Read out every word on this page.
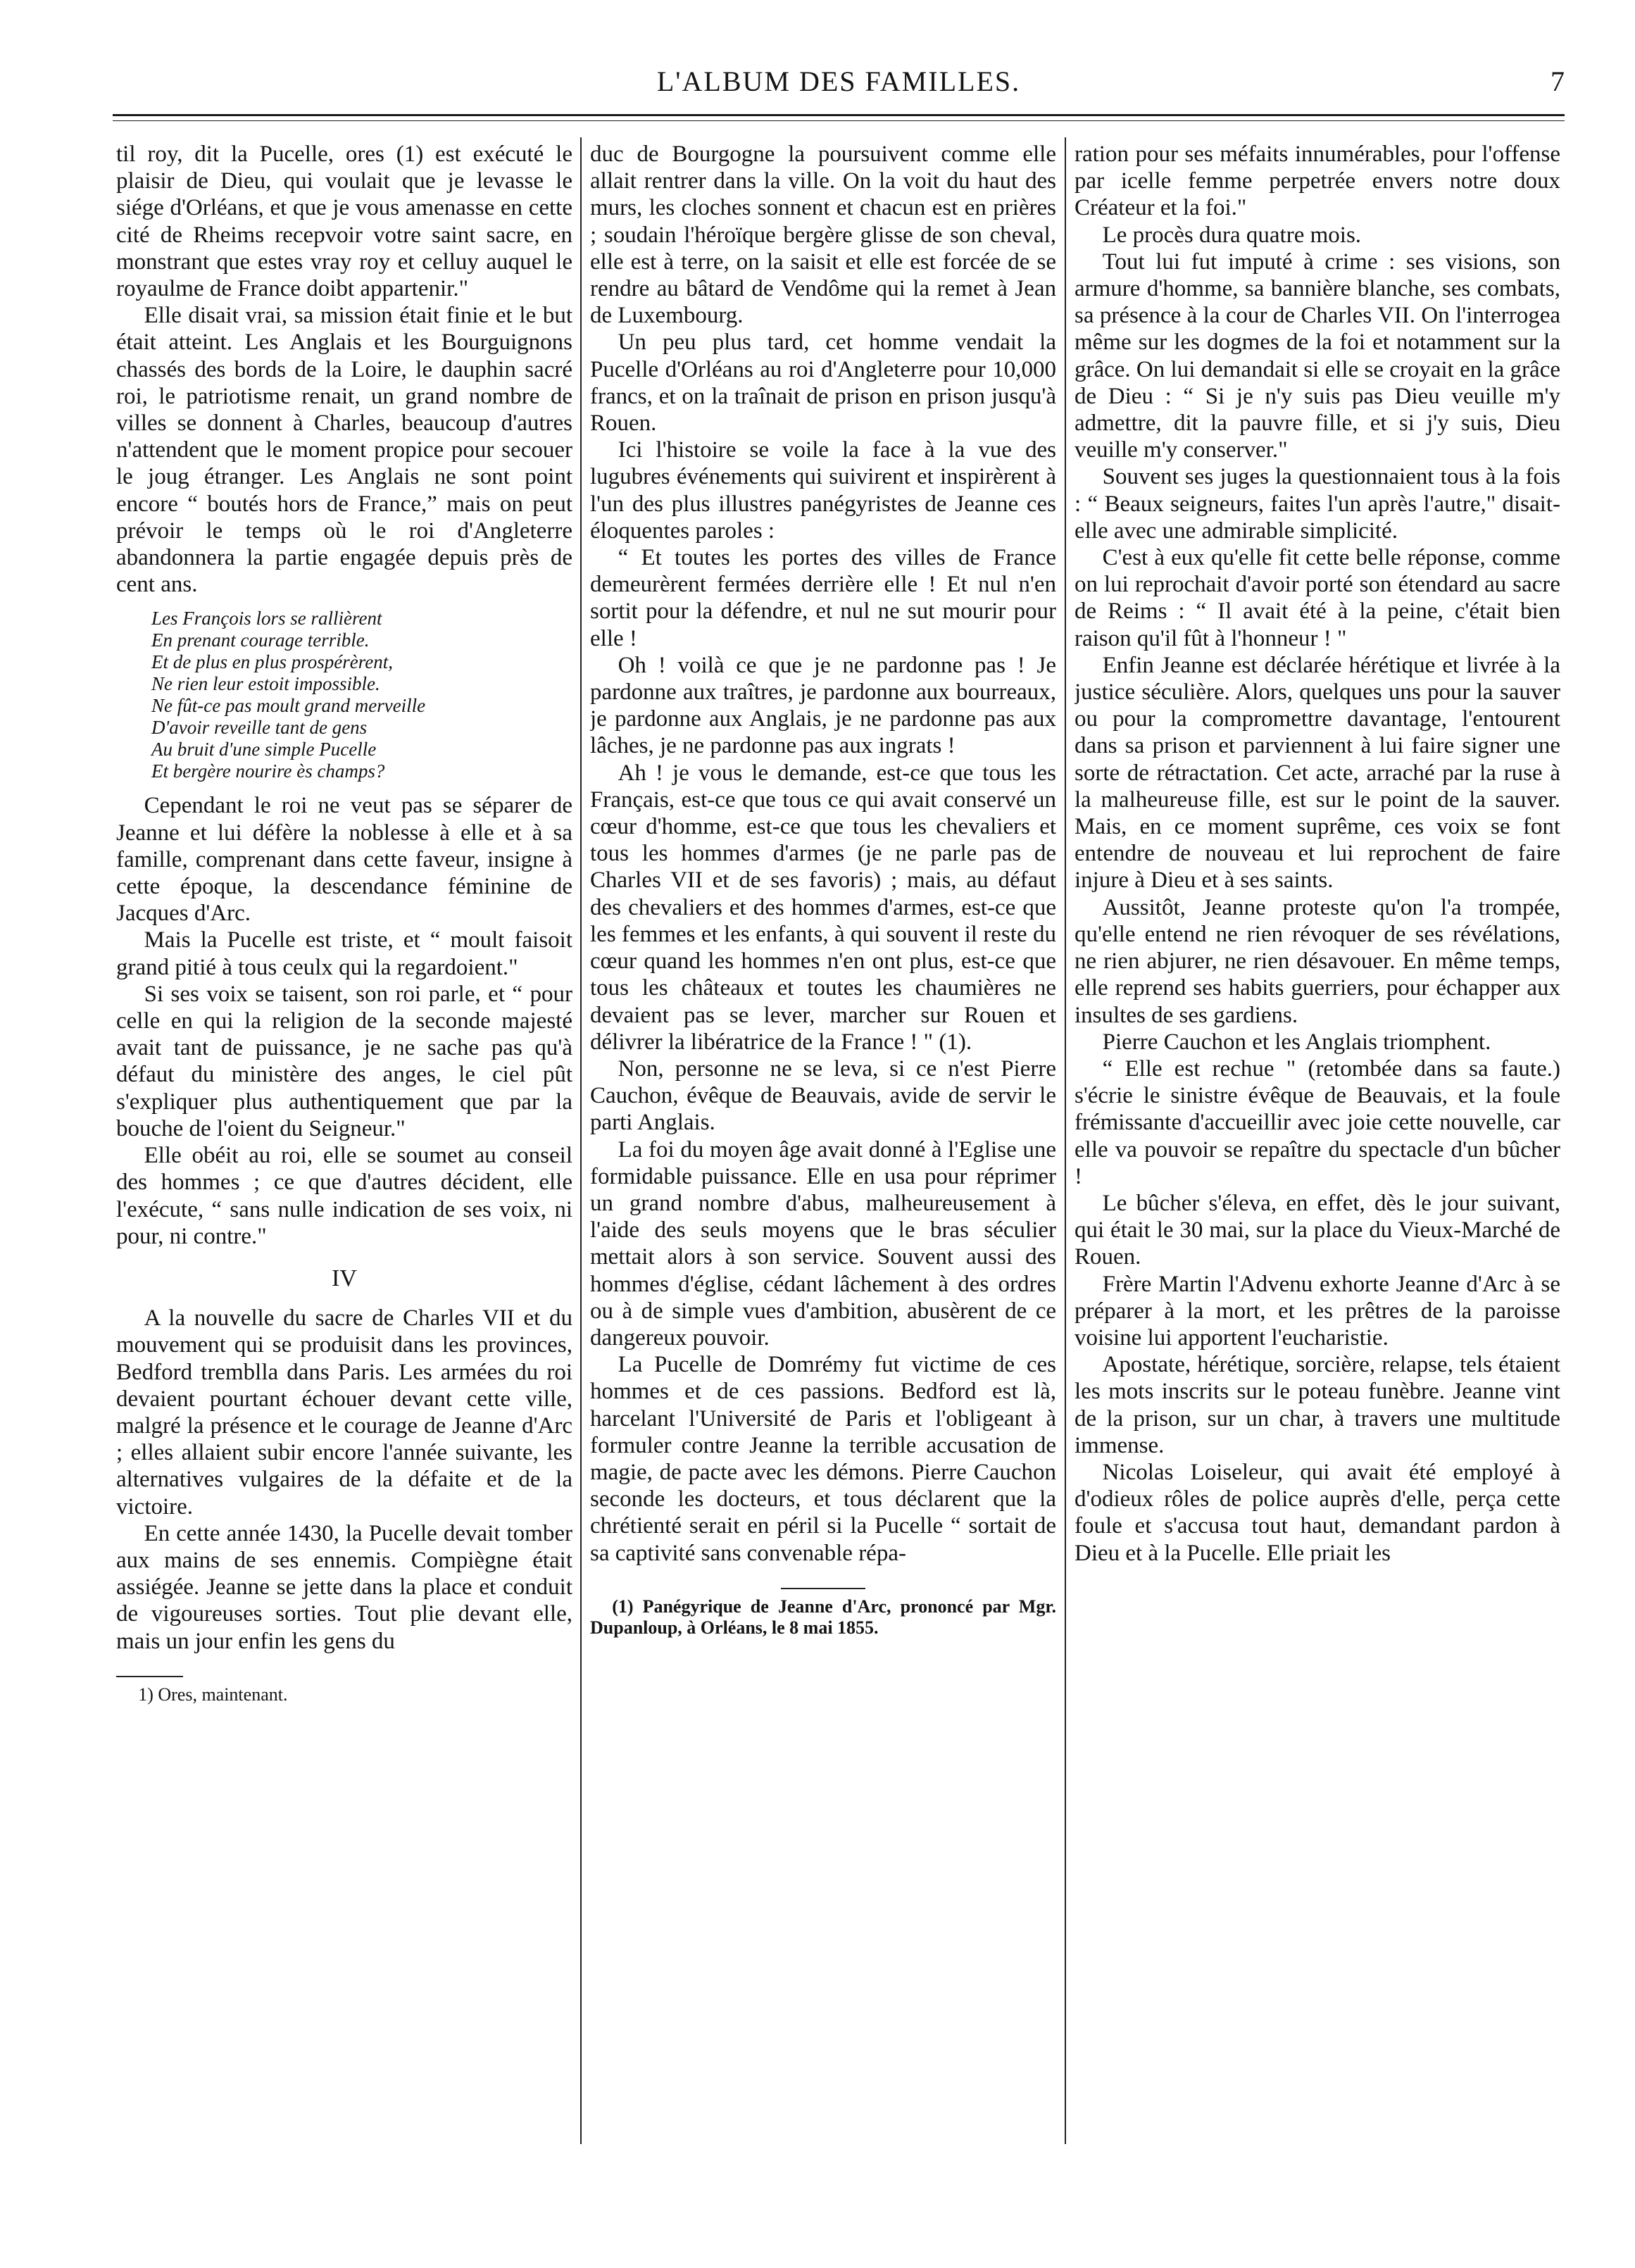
L'ALBUM DES FAMILLES.	7

til roy, dit la Pucelle, ores (1) est exécuté le plaisir de Dieu, qui voulait que je levasse le siége d'Orléans, et que je vous amenasse en cette cité de Rheims recepvoir votre saint sacre, en monstrant que estes vray roy et celluy auquel le royaulme de France doibt appartenir."

Elle disait vrai, sa mission était finie et le but était atteint. Les Anglais et les Bourguignons chassés des bords de la Loire, le dauphin sacré roi, le patriotisme renait, un grand nombre de villes se donnent à Charles, beaucoup d'autres n'attendent que le moment propice pour secouer le joug étranger. Les Anglais ne sont point encore “ boutés hors de France,” mais on peut prévoir le temps où le roi d'Angleterre abandonnera la partie engagée depuis près de cent ans.

Les François lors se rallièrent
En prenant courage terrible.
Et de plus en plus prospérèrent,
Ne rien leur estoit impossible.
Ne fût-ce pas moult grand merveille
D'avoir reveille tant de gens
Au bruit d'une simple Pucelle
Et bergère nourire ès champs?

Cependant le roi ne veut pas se séparer de Jeanne et lui défère la noblesse à elle et à sa famille, comprenant dans cette faveur, insigne à cette époque, la descendance féminine de Jacques d'Arc.

Mais la Pucelle est triste, et “ moult faisoit grand pitié à tous ceulx qui la regardoient."

Si ses voix se taisent, son roi parle, et “ pour celle en qui la religion de la seconde majesté avait tant de puissance, je ne sache pas qu'à défaut du ministère des anges, le ciel pût s'expliquer plus authentiquement que par la bouche de l'oient du Seigneur."

Elle obéit au roi, elle se soumet au conseil des hommes ; ce que d'autres décident, elle l'exécute, “ sans nulle indication de ses voix, ni pour, ni contre."

IV

A la nouvelle du sacre de Charles VII et du mouvement qui se produisit dans les provinces, Bedford tremblla dans Paris. Les armées du roi devaient pourtant échouer devant cette ville, malgré la présence et le courage de Jeanne d'Arc ; elles allaient subir encore l'année suivante, les alternatives vulgaires de la défaite et de la victoire.

En cette année 1430, la Pucelle devait tomber aux mains de ses ennemis. Compiègne était assiégée. Jeanne se jette dans la place et conduit de vigoureuses sorties. Tout plie devant elle, mais un jour enfin les gens du

1) Ores, maintenant.

duc de Bourgogne la poursuivent comme elle allait rentrer dans la ville. On la voit du haut des murs, les cloches sonnent et chacun est en prières ; soudain l'héroïque bergère glisse de son cheval, elle est à terre, on la saisit et elle est forcée de se rendre au bâtard de Vendôme qui la remet à Jean de Luxembourg.

Un peu plus tard, cet homme vendait la Pucelle d'Orléans au roi d'Angleterre pour 10,000 francs, et on la traînait de prison en prison jusqu'à Rouen.

Ici l'histoire se voile la face à la vue des lugubres événements qui suivirent et inspirèrent à l'un des plus illustres panégyristes de Jeanne ces éloquentes paroles :

“ Et toutes les portes des villes de France demeurèrent fermées derrière elle ! Et nul n'en sortit pour la défendre, et nul ne sut mourir pour elle !

Oh ! voilà ce que je ne pardonne pas ! Je pardonne aux traîtres, je pardonne aux bourreaux, je pardonne aux Anglais, je ne pardonne pas aux lâches, je ne pardonne pas aux ingrats !

Ah ! je vous le demande, est-ce que tous les Français, est-ce que tous ce qui avait conservé un cœur d'homme, est-ce que tous les chevaliers et tous les hommes d'armes (je ne parle pas de Charles VII et de ses favoris) ; mais, au défaut des chevaliers et des hommes d'armes, est-ce que les femmes et les enfants, à qui souvent il reste du cœur quand les hommes n'en ont plus, est-ce que tous les châteaux et toutes les chaumières ne devaient pas se lever, marcher sur Rouen et délivrer la libératrice de la France ! " (1).

Non, personne ne se leva, si ce n'est Pierre Cauchon, évêque de Beauvais, avide de servir le parti Anglais.

La foi du moyen âge avait donné à l'Eglise une formidable puissance. Elle en usa pour réprimer un grand nombre d'abus, malheureusement à l'aide des seuls moyens que le bras séculier mettait alors à son service. Souvent aussi des hommes d'église, cédant lâchement à des ordres ou à de simple vues d'ambition, abusèrent de ce dangereux pouvoir.

La Pucelle de Domrémy fut victime de ces hommes et de ces passions. Bedford est là, harcelant l'Université de Paris et l'obligeant à formuler contre Jeanne la terrible accusation de magie, de pacte avec les démons. Pierre Cauchon seconde les docteurs, et tous déclarent que la chrétienté serait en péril si la Pucelle “ sortait de sa captivité sans convenable répa-

(1) Panégyrique de Jeanne d'Arc, prononcé par Mgr. Dupanloup, à Orléans, le 8 mai 1855.

ration pour ses méfaits innumérables, pour l'offense par icelle femme perpetrée envers notre doux Créateur et la foi."

Le procès dura quatre mois.

Tout lui fut imputé à crime : ses visions, son armure d'homme, sa bannière blanche, ses combats, sa présence à la cour de Charles VII. On l'interrogea même sur les dogmes de la foi et notamment sur la grâce. On lui demandait si elle se croyait en la grâce de Dieu : “ Si je n'y suis pas Dieu veuille m'y admettre, dit la pauvre fille, et si j'y suis, Dieu veuille m'y conserver."

Souvent ses juges la questionnaient tous à la fois : “ Beaux seigneurs, faites l'un après l'autre," disait-elle avec une admirable simplicité.

C'est à eux qu'elle fit cette belle réponse, comme on lui reprochait d'avoir porté son étendard au sacre de Reims : “ Il avait été à la peine, c'était bien raison qu'il fût à l'honneur ! "

Enfin Jeanne est déclarée hérétique et livrée à la justice séculière. Alors, quelques uns pour la sauver ou pour la compromettre davantage, l'entourent dans sa prison et parviennent à lui faire signer une sorte de rétractation. Cet acte, arraché par la ruse à la malheureuse fille, est sur le point de la sauver. Mais, en ce moment suprême, ces voix se font entendre de nouveau et lui reprochent de faire injure à Dieu et à ses saints.

Aussitôt, Jeanne proteste qu'on l'a trompée, qu'elle entend ne rien révoquer de ses révélations, ne rien abjurer, ne rien désavouer. En même temps, elle reprend ses habits guerriers, pour échapper aux insultes de ses gardiens.

Pierre Cauchon et les Anglais triomphent.

“ Elle est rechue " (retombée dans sa faute.) s'écrie le sinistre évêque de Beauvais, et la foule frémissante d'accueillir avec joie cette nouvelle, car elle va pouvoir se repaître du spectacle d'un bûcher !

Le bûcher s'éleva, en effet, dès le jour suivant, qui était le 30 mai, sur la place du Vieux-Marché de Rouen.

Frère Martin l'Advenu exhorte Jeanne d'Arc à se préparer à la mort, et les prêtres de la paroisse voisine lui apportent l'eucharistie.

Apostate, hérétique, sorcière, relapse, tels étaient les mots inscrits sur le poteau funèbre. Jeanne vint de la prison, sur un char, à travers une multitude immense.

Nicolas Loiseleur, qui avait été employé à d'odieux rôles de police auprès d'elle, perça cette foule et s'accusa tout haut, demandant pardon à Dieu et à la Pucelle. Elle priait les
